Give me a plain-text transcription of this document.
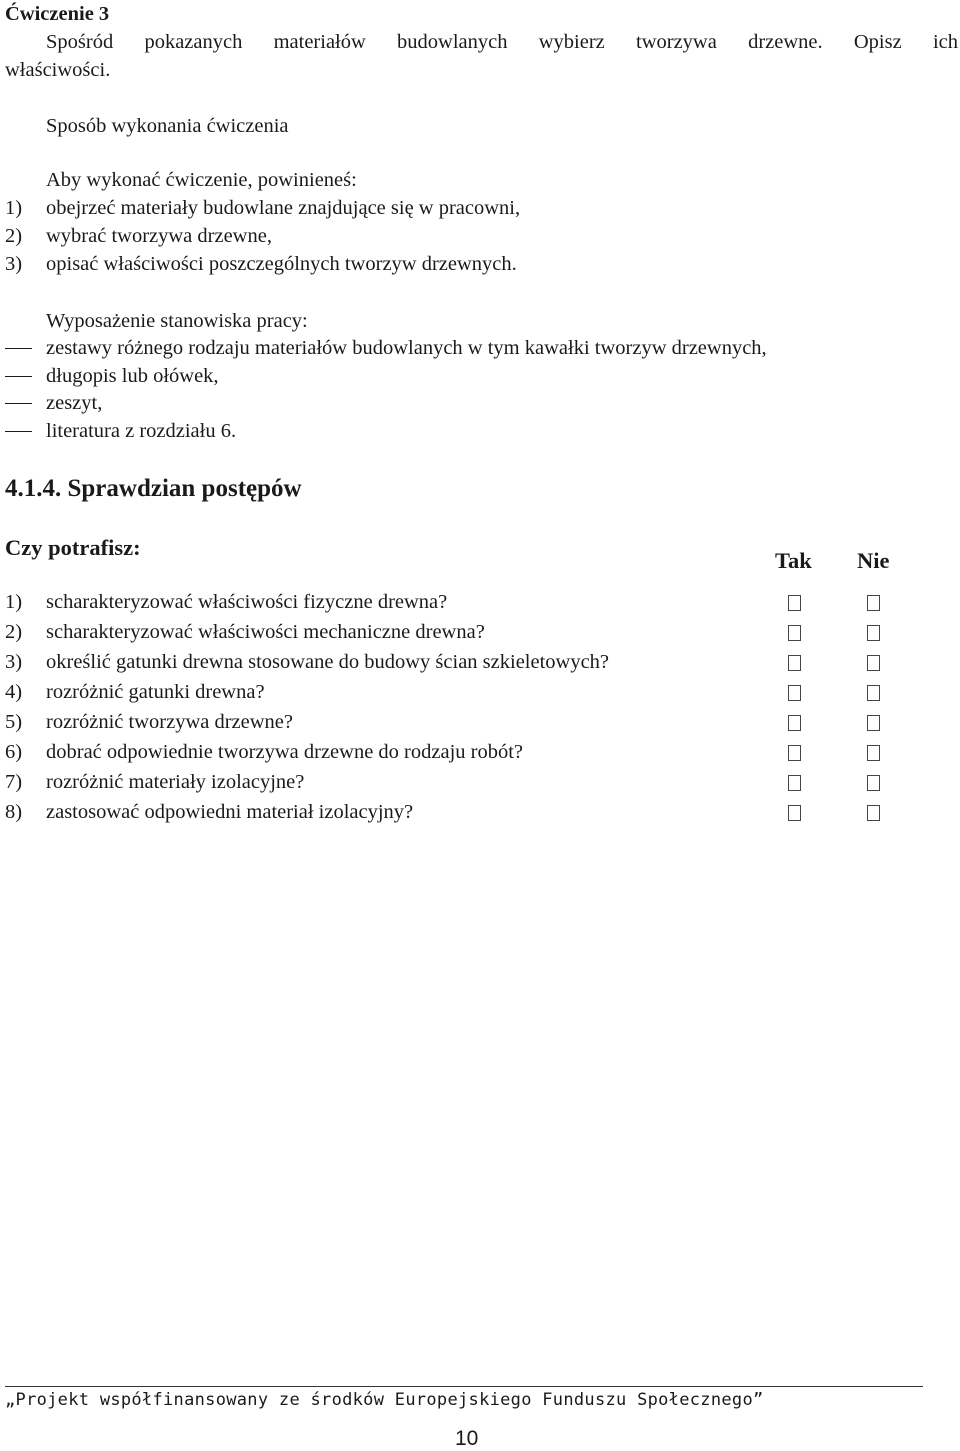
Ćwiczenie 3
Spośród pokazanych materiałów budowlanych wybierz tworzywa drzewne. Opisz ich
właściwości.
Sposób wykonania ćwiczenia
Aby wykonać ćwiczenie, powinieneś:
1) obejrzeć materiały budowlane znajdujące się w pracowni,
2) wybrać tworzywa drzewne,
3) opisać właściwości poszczególnych tworzyw drzewnych.
Wyposażenie stanowiska pracy:
zestawy różnego rodzaju materiałów budowlanych w tym kawałki tworzyw drzewnych,
długopis lub ołówek,
zeszyt,
literatura z rozdziału 6.
4.1.4. Sprawdzian postępów
Czy potrafisz:
Tak Nie
1) scharakteryzować właściwości fizyczne drewna?
2) scharakteryzować właściwości mechaniczne drewna?
3) określić gatunki drewna stosowane do budowy ścian szkieletowych?
4) rozróżnić gatunki drewna?
5) rozróżnić tworzywa drzewne?
6) dobrać odpowiednie tworzywa drzewne do rodzaju robót?
7) rozróżnić materiały izolacyjne?
8) zastosować odpowiedni materiał izolacyjny?
„Projekt współfinansowany ze środków Europejskiego Funduszu Społecznego”
10
